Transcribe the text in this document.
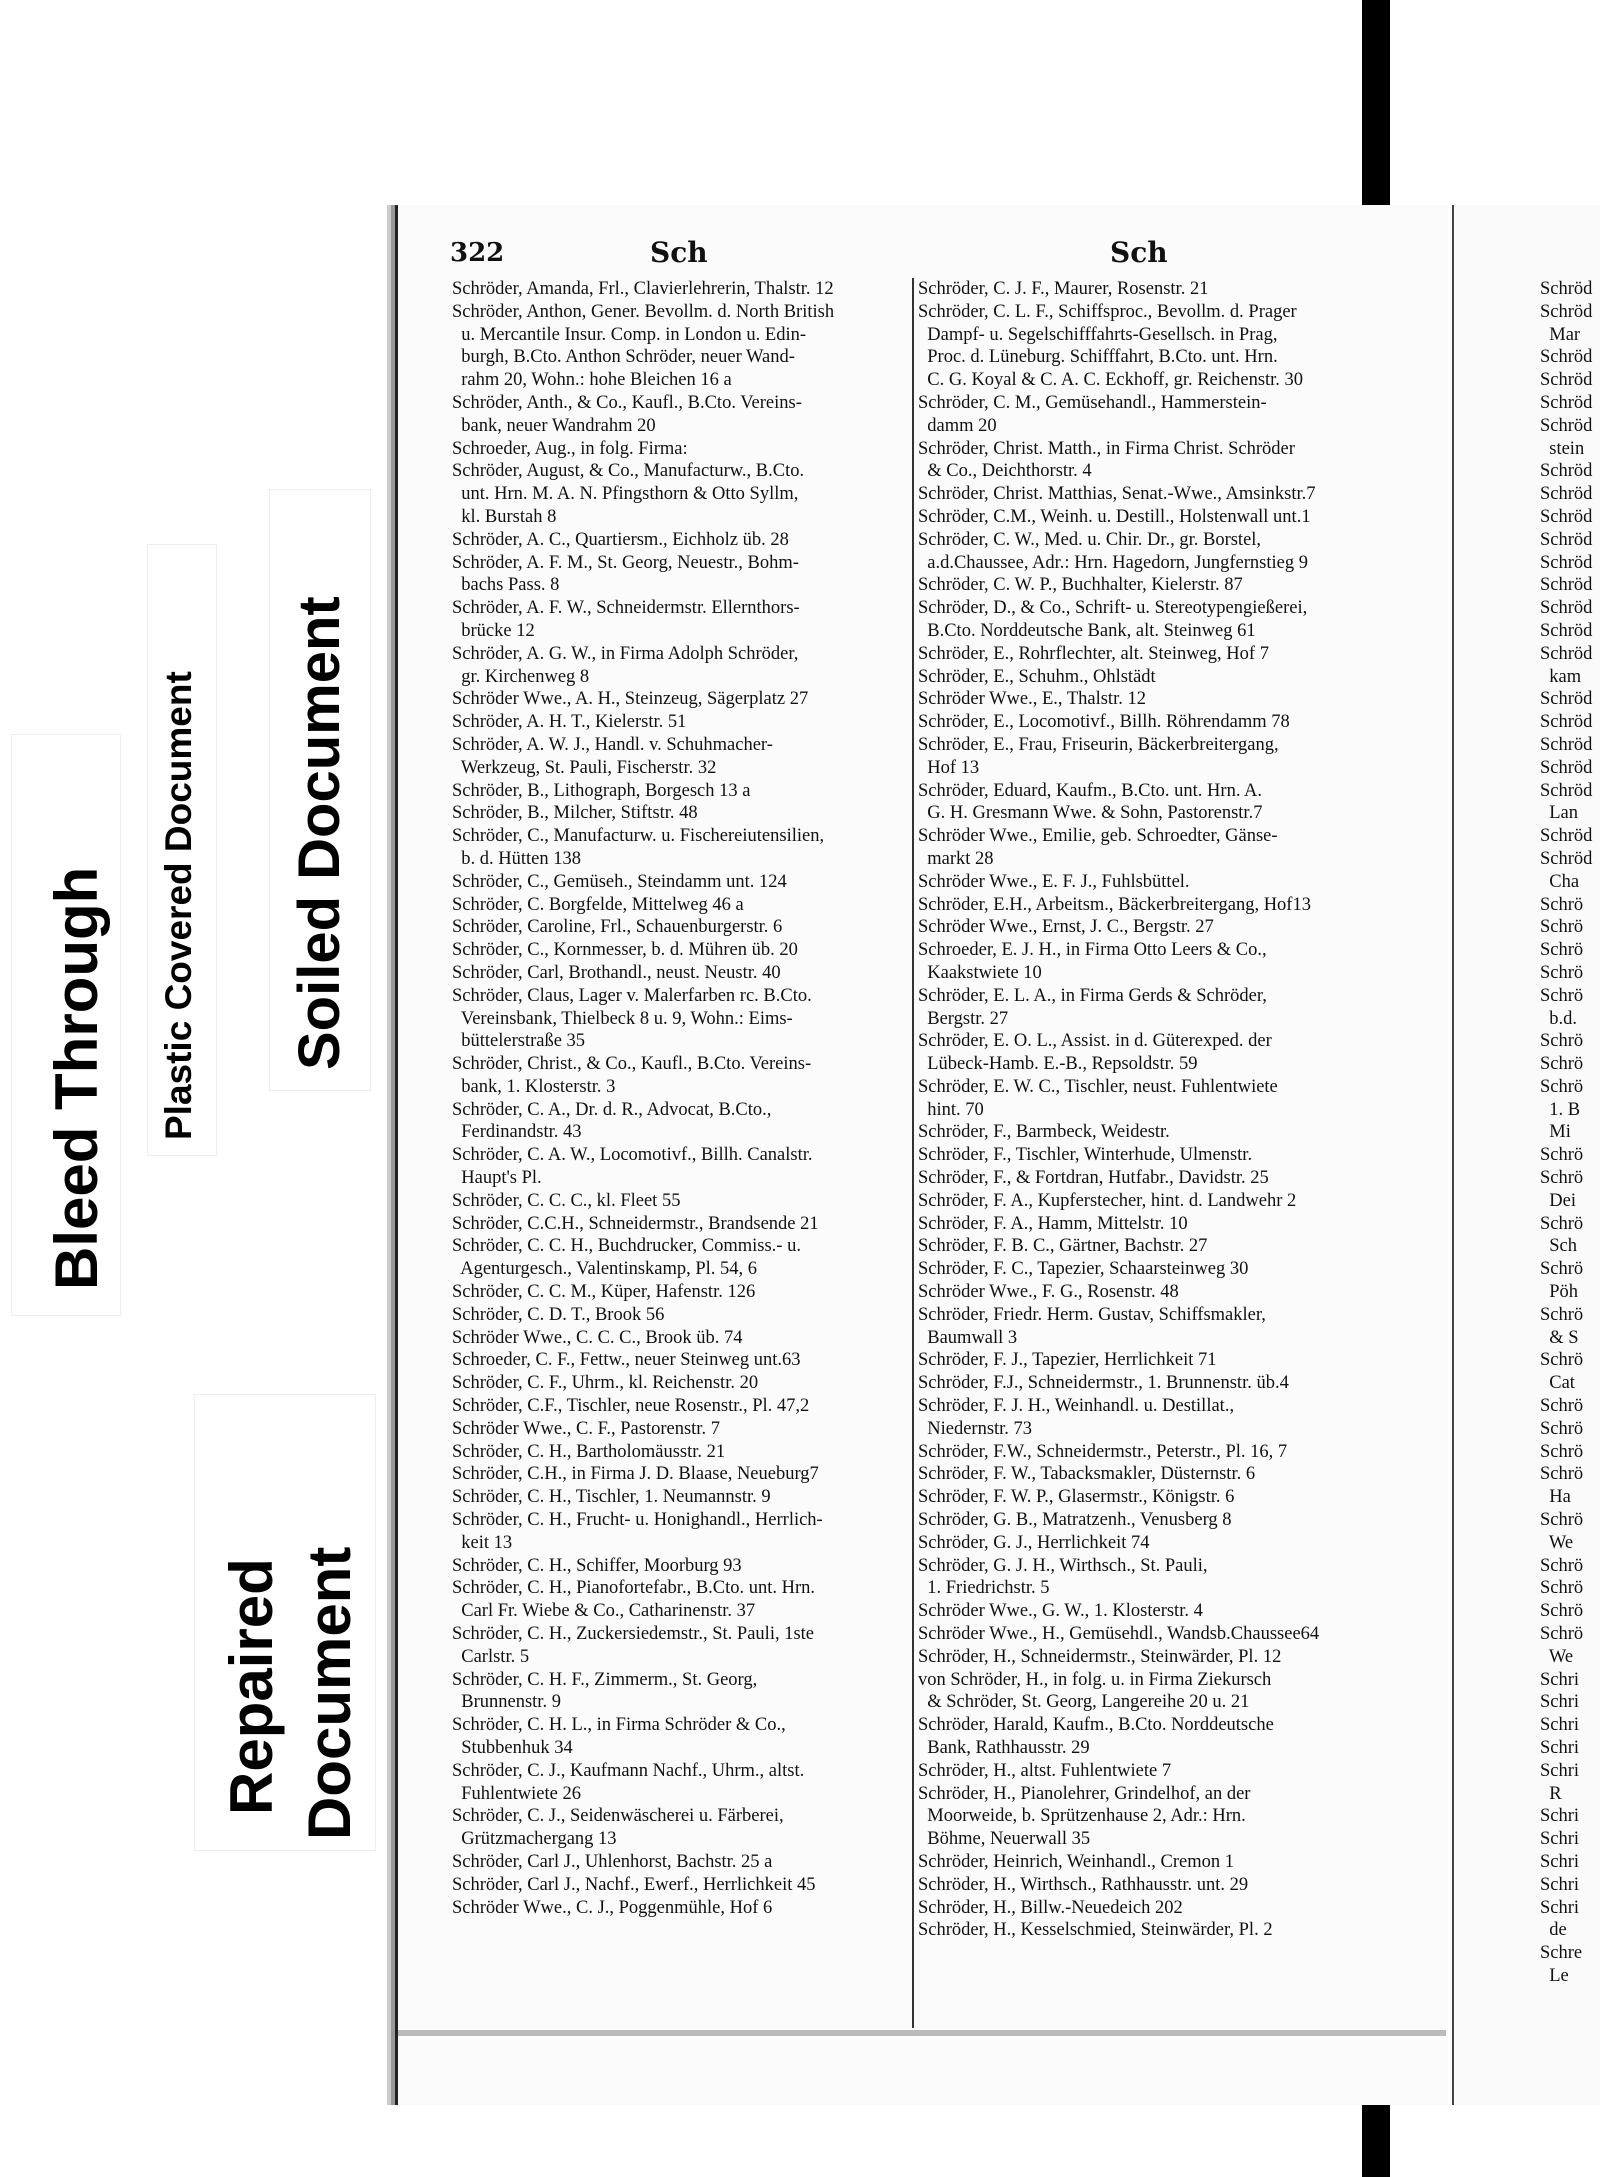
Bleed Through Plastic Covered Document Soiled Document
Repaired Document
322	Sch	Sch
Schröder, Amanda, Frl., Clavierlehrerin, Thalstr. 12
Schröder, Anthon, Gener. Bevollm. d. North British
u. Mercantile Insur. Comp. in London u. Edin-
burgh, B.Cto. Anthon Schröder, neuer Wand-
rahm 20, Wohn.: hohe Bleichen 16 a
Schröder, Anth., & Co., Kaufl., B.Cto. Vereins-
bank, neuer Wandrahm 20
Schroeder, Aug., in folg. Firma:
Schröder, August, & Co., Manufacturw., B.Cto.
unt. Hrn. M. A. N. Pfingsthorn & Otto Syllm,
kl. Burstah 8
Schröder, A. C., Quartiersm., Eichholz üb. 28
Schröder, A. F. M., St. Georg, Neuestr., Bohm-
bachs Pass. 8
Schröder, A. F. W., Schneidermstr. Ellernthors-
brücke 12
Schröder, A. G. W., in Firma Adolph Schröder,
gr. Kirchenweg 8
Schröder Wwe., A. H., Steinzeug, Sägerplatz 27
Schröder, A. H. T., Kielerstr. 51
Schröder, A. W. J., Handl. v. Schuhmacher-
Werkzeug, St. Pauli, Fischerstr. 32
Schröder, B., Lithograph, Borgesch 13 a
Schröder, B., Milcher, Stiftstr. 48
Schröder, C., Manufacturw. u. Fischereiutensilien,
b. d. Hütten 138
Schröder, C., Gemüseh., Steindamm unt. 124
Schröder, C. Borgfelde, Mittelweg 46 a
Schröder, Caroline, Frl., Schauenburgerstr. 6
Schröder, C., Kornmesser, b. d. Mühren üb. 20
Schröder, Carl, Brothandl., neust. Neustr. 40
Schröder, Claus, Lager v. Malerfarben rc. B.Cto.
Vereinsbank, Thielbeck 8 u. 9, Wohn.: Eims-
büttelerstraße 35
Schröder, Christ., & Co., Kaufl., B.Cto. Vereins-
bank, 1. Klosterstr. 3
Schröder, C. A., Dr. d. R., Advocat, B.Cto.,
Ferdinandstr. 43
Schröder, C. A. W., Locomotivf., Billh. Canalstr.
Haupt's Pl.
Schröder, C. C. C., kl. Fleet 55
Schröder, C.C.H., Schneidermstr., Brandsende 21
Schröder, C. C. H., Buchdrucker, Commiss.- u.
Agenturgesch., Valentinskamp, Pl. 54, 6
Schröder, C. C. M., Küper, Hafenstr. 126
Schröder, C. D. T., Brook 56
Schröder Wwe., C. C. C., Brook üb. 74
Schroeder, C. F., Fettw., neuer Steinweg unt.63
Schröder, C. F., Uhrm., kl. Reichenstr. 20
Schröder, C.F., Tischler, neue Rosenstr., Pl. 47,2
Schröder Wwe., C. F., Pastorenstr. 7
Schröder, C. H., Bartholomäusstr. 21
Schröder, C.H., in Firma J. D. Blaase, Neueburg7
Schröder, C. H., Tischler, 1. Neumannstr. 9
Schröder, C. H., Frucht- u. Honighandl., Herrlich-
keit 13
Schröder, C. H., Schiffer, Moorburg 93
Schröder, C. H., Pianofortefabr., B.Cto. unt. Hrn.
Carl Fr. Wiebe & Co., Catharinenstr. 37
Schröder, C. H., Zuckersiedemstr., St. Pauli, 1ste
Carlstr. 5
Schröder, C. H. F., Zimmerm., St. Georg,
Brunnenstr. 9
Schröder, C. H. L., in Firma Schröder & Co.,
Stubbenhuk 34
Schröder, C. J., Kaufmann Nachf., Uhrm., altst.
Fuhlentwiete 26
Schröder, C. J., Seidenwäscherei u. Färberei,
Grützmachergang 13
Schröder, Carl J., Uhlenhorst, Bachstr. 25 a
Schröder, Carl J., Nachf., Ewerf., Herrlichkeit 45
Schröder Wwe., C. J., Poggenmühle, Hof 6
Schröder, C. J. F., Maurer, Rosenstr. 21
Schröder, C. L. F., Schiffsproc., Bevollm. d. Prager
Dampf- u. Segelschifffahrts-Gesellsch. in Prag,
Proc. d. Lüneburg. Schifffahrt, B.Cto. unt. Hrn.
C. G. Koyal & C. A. C. Eckhoff, gr. Reichenstr. 30
Schröder, C. M., Gemüsehandl., Hammerstein-
damm 20
Schröder, Christ. Matth., in Firma Christ. Schröder
& Co., Deichthorstr. 4
Schröder, Christ. Matthias, Senat.-Wwe., Amsinkstr.7
Schröder, C.M., Weinh. u. Destill., Holstenwall unt.1
Schröder, C. W., Med. u. Chir. Dr., gr. Borstel,
a.d.Chaussee, Adr.: Hrn. Hagedorn, Jungfernstieg 9
Schröder, C. W. P., Buchhalter, Kielerstr. 87
Schröder, D., & Co., Schrift- u. Stereotypengießerei,
B.Cto. Norddeutsche Bank, alt. Steinweg 61
Schröder, E., Rohrflechter, alt. Steinweg, Hof 7
Schröder, E., Schuhm., Ohlstädt
Schröder Wwe., E., Thalstr. 12
Schröder, E., Locomotivf., Billh. Röhrendamm 78
Schröder, E., Frau, Friseurin, Bäckerbreitergang,
Hof 13
Schröder, Eduard, Kaufm., B.Cto. unt. Hrn. A.
G. H. Gresmann Wwe. & Sohn, Pastorenstr.7
Schröder Wwe., Emilie, geb. Schroedter, Gänse-
markt 28
Schröder Wwe., E. F. J., Fuhlsbüttel.
Schröder, E.H., Arbeitsm., Bäckerbreitergang, Hof13
Schröder Wwe., Ernst, J. C., Bergstr. 27
Schroeder, E. J. H., in Firma Otto Leers & Co.,
Kaakstwiete 10
Schröder, E. L. A., in Firma Gerds & Schröder,
Bergstr. 27
Schröder, E. O. L., Assist. in d. Güterexped. der
Lübeck-Hamb. E.-B., Repsoldstr. 59
Schröder, E. W. C., Tischler, neust. Fuhlentwiete
hint. 70
Schröder, F., Barmbeck, Weidestr.
Schröder, F., Tischler, Winterhude, Ulmenstr.
Schröder, F., & Fortdran, Hutfabr., Davidstr. 25
Schröder, F. A., Kupferstecher, hint. d. Landwehr 2
Schröder, F. A., Hamm, Mittelstr. 10
Schröder, F. B. C., Gärtner, Bachstr. 27
Schröder, F. C., Tapezier, Schaarsteinweg 30
Schröder Wwe., F. G., Rosenstr. 48
Schröder, Friedr. Herm. Gustav, Schiffsmakler,
Baumwall 3
Schröder, F. J., Tapezier, Herrlichkeit 71
Schröder, F.J., Schneidermstr., 1. Brunnenstr. üb.4
Schröder, F. J. H., Weinhandl. u. Destillat.,
Niedernstr. 73
Schröder, F.W., Schneidermstr., Peterstr., Pl. 16, 7
Schröder, F. W., Tabacksmakler, Düsternstr. 6
Schröder, F. W. P., Glasermstr., Königstr. 6
Schröder, G. B., Matratzenh., Venusberg 8
Schröder, G. J., Herrlichkeit 74
Schröder, G. J. H., Wirthsch., St. Pauli,
1. Friedrichstr. 5
Schröder Wwe., G. W., 1. Klosterstr. 4
Schröder Wwe., H., Gemüsehdl., Wandsb.Chaussee64
Schröder, H., Schneidermstr., Steinwärder, Pl. 12
von Schröder, H., in folg. u. in Firma Ziekursch
& Schröder, St. Georg, Langereihe 20 u. 21
Schröder, Harald, Kaufm., B.Cto. Norddeutsche
Bank, Rathhausstr. 29
Schröder, H., altst. Fuhlentwiete 7
Schröder, H., Pianolehrer, Grindelhof, an der
Moorweide, b. Sprützenhause 2, Adr.: Hrn.
Böhme, Neuerwall 35
Schröder, Heinrich, Weinhandl., Cremon 1
Schröder, H., Wirthsch., Rathhausstr. unt. 29
Schröder, H., Billw.-Neuedeich 202
Schröder, H., Kesselschmied, Steinwärder, Pl. 2
Schröd
Schröd
Mar
Schröd
Schröd
Schröd
Schröd
stein
Schröd
Schröd
Schröd
Schröd
Schröd
Schröd
Schröd
Schröd
Schröd
kam
Schröd
Schröd
Schröd
Schröd
Schröd
Lan
Schröd
Schröd
Cha
Schrö
Schrö
Schrö
Schrö
Schrö
b.d.
Schrö
Schrö
Schrö
1. B
Mi
Schrö
Schrö
Dei
Schrö
Sch
Schrö
Pöh
Schrö
& S
Schrö
Cat
Schrö
Schrö
Schrö
Schrö
Ha
Schrö
We
Schrö
Schrö
Schrö
Schrö
We
Schri
Schri
Schri
Schri
Schri
R
Schri
Schri
Schri
Schri
Schri
de
Schre
Le
